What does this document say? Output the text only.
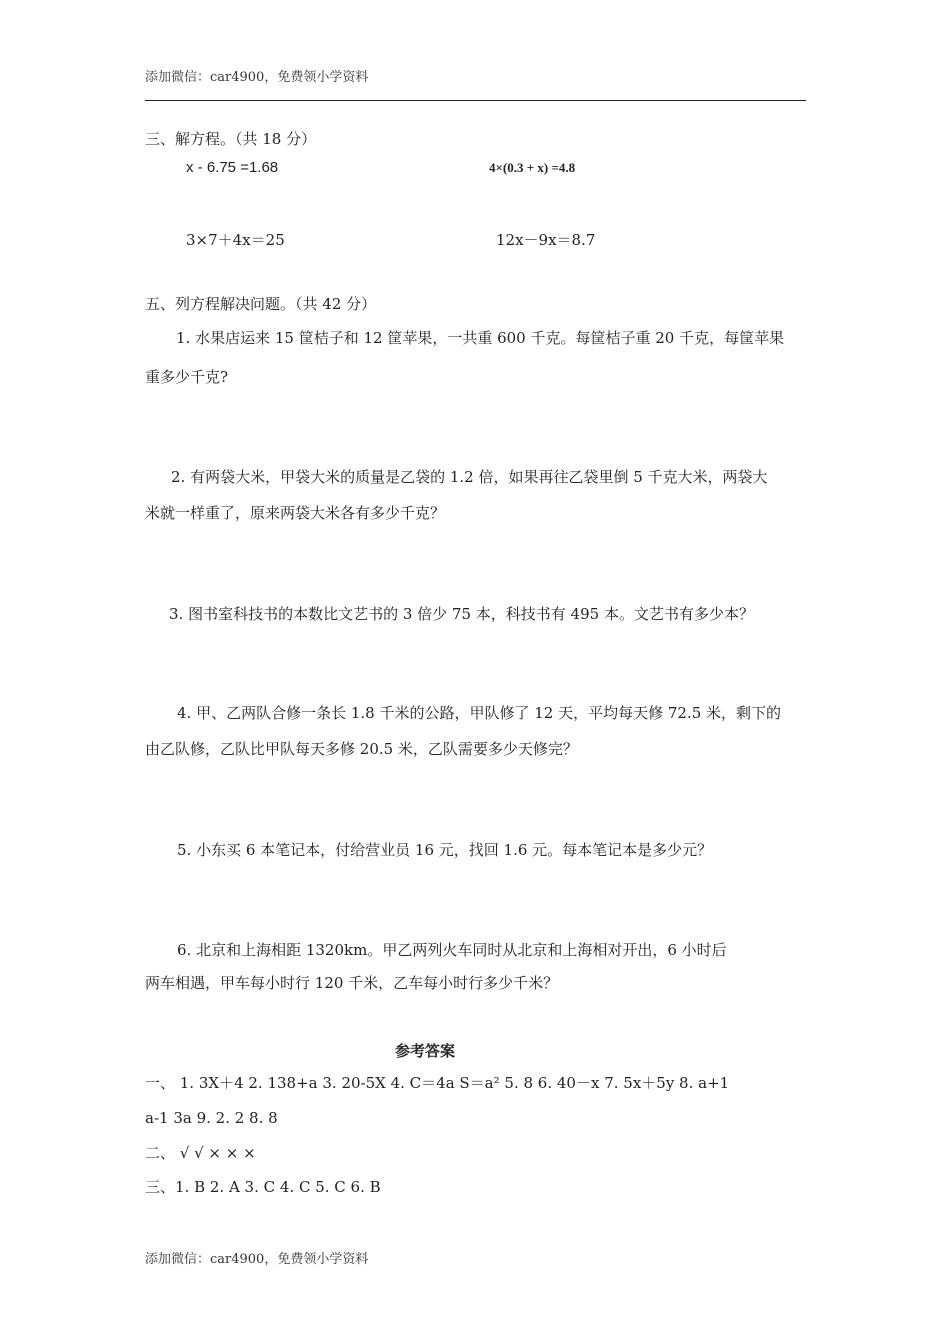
添加微信：car4900，免费领小学资料
三、解方程。（共 18 分）
x - 6.75 =1.68	4×(0.3 + x) =4.8
3×7＋4x＝25	12x－9x＝8.7
五、列方程解决问题。（共 42 分）
1. 水果店运来 15 筐桔子和 12 筐苹果，一共重 600 千克。每筐桔子重 20 千克，每筐苹果
重多少千克?
2. 有两袋大米，甲袋大米的质量是乙袋的 1.2 倍，如果再往乙袋里倒 5 千克大米，两袋大
米就一样重了，原来两袋大米各有多少千克？
3. 图书室科技书的本数比文艺书的 3 倍少 75 本，科技书有 495 本。文艺书有多少本？
4. 甲、乙两队合修一条长 1.8 千米的公路，甲队修了 12 天，平均每天修 72.5 米，剩下的
由乙队修，乙队比甲队每天多修 20.5 米，乙队需要多少天修完？
5. 小东买 6 本笔记本，付给营业员 16 元，找回 1.6 元。每本笔记本是多少元？
6. 北京和上海相距 1320km。甲乙两列火车同时从北京和上海相对开出，6 小时后
两车相遇，甲车每小时行 120 千米，乙车每小时行多少千米？
参考答案
一、 1. 3X＋4 2. 138+a 3. 20-5X 4. C＝4a S＝a² 5. 8 6. 40－x 7. 5x＋5y 8. a+1
a-1 3a 9. 2. 2 8. 8
二、 √ √ × × ×
三、1. B 2. A 3. C 4. C 5. C 6. B
添加微信：car4900，免费领小学资料
